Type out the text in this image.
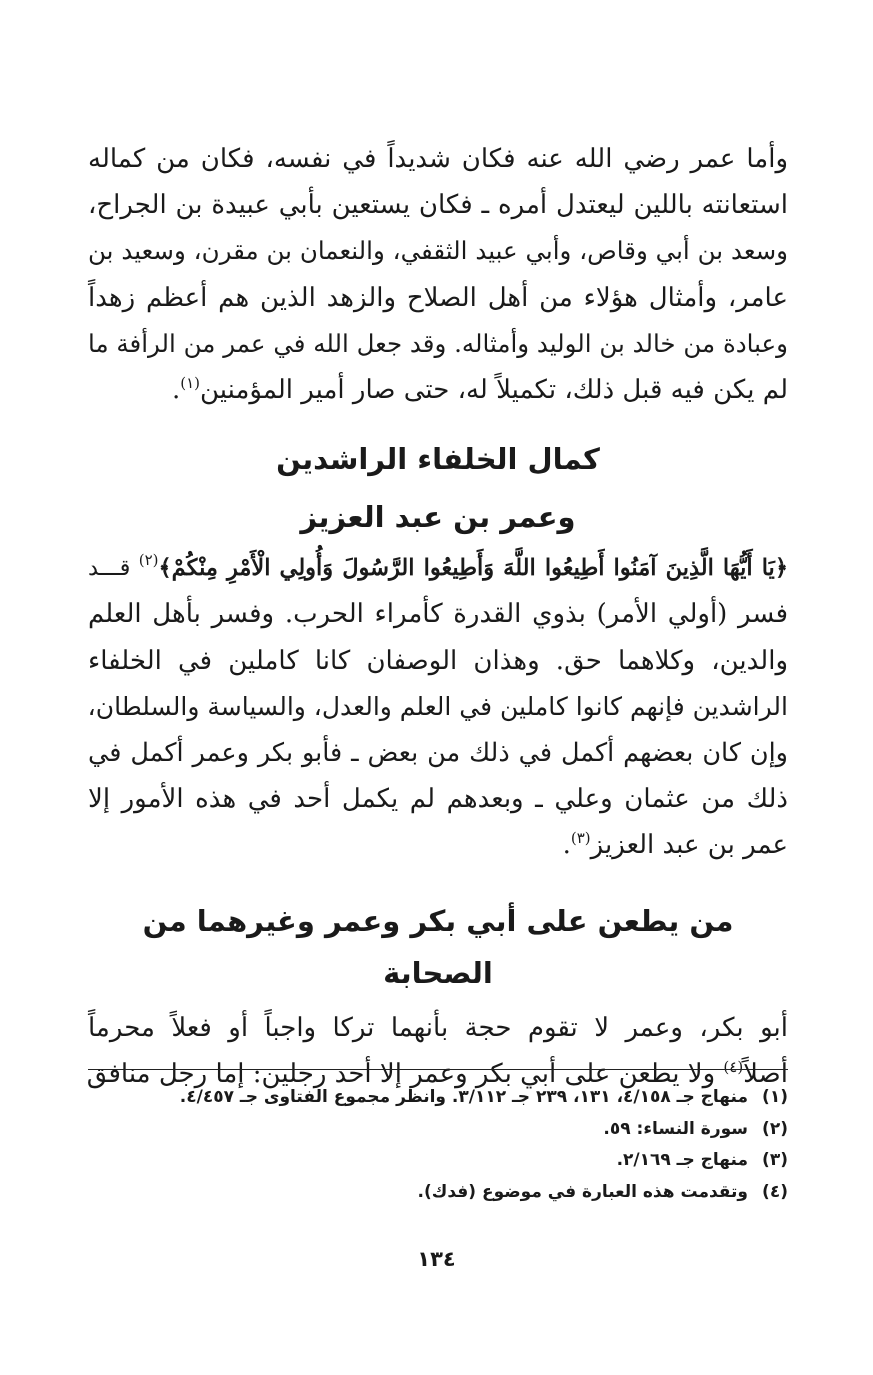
وأما عمر رضي الله عنه فكان شديداً في نفسه، فكان من كماله
استعانته باللين ليعتدل أمره ـ فكان يستعين بأبي عبيدة بن الجراح،
وسعد بن أبي وقاص، وأبي عبيد الثقفي، والنعمان بن مقرن، وسعيد بن
عامر، وأمثال هؤلاء من أهل الصلاح والزهد الذين هم أعظم زهداً
وعبادة من خالد بن الوليد وأمثاله. وقد جعل الله في عمر من الرأفة ما
لم يكن فيه قبل ذلك، تكميلاً له، حتى صار أمير المؤمنين$^{(١)}$.
كمال الخلفاء الراشدين
وعمر بن عبد العزيز
﴿يَا أَيُّهَا الَّذِينَ آمَنُوا أَطِيعُوا اللَّهَ وَأَطِيعُوا الرَّسُولَ وَأُولِي الْأَمْرِ مِنْكُمْ﴾$^{(٢)}$ قـــد
فسر (أولي الأمر) بذوي القدرة كأمراء الحرب. وفسر بأهل العلم
والدين، وكلاهما حق. وهذان الوصفان كانا كاملين في الخلفاء
الراشدين فإنهم كانوا كاملين في العلم والعدل، والسياسة والسلطان،
وإن كان بعضهم أكمل في ذلك من بعض ـ فأبو بكر وعمر أكمل في
ذلك من عثمان وعلي ـ وبعدهم لم يكمل أحد في هذه الأمور إلا
عمر بن عبد العزيز$^{(٣)}$.
من يطعن على أبي بكر وعمر وغيرهما من الصحابة
أبو بكر، وعمر لا تقوم حجة بأنهما تركا واجباً أو فعلاً محرماً
أصلاً$^{(٤)}$ ولا يطعن على أبي بكر وعمر إلا أحد رجلين: إما رجل منافق
(١)منهاج جـ ٤/١٥٨، ١٣١، ٢٣٩ جـ ٣/١١٢. وانظر مجموع الفتاوى جـ ٤/٤٥٧.
(٢)سورة النساء: ٥٩.
(٣)منهاج جـ ٢/١٦٩.
(٤)وتقدمت هذه العبارة في موضوع (فدك).
١٣٤
